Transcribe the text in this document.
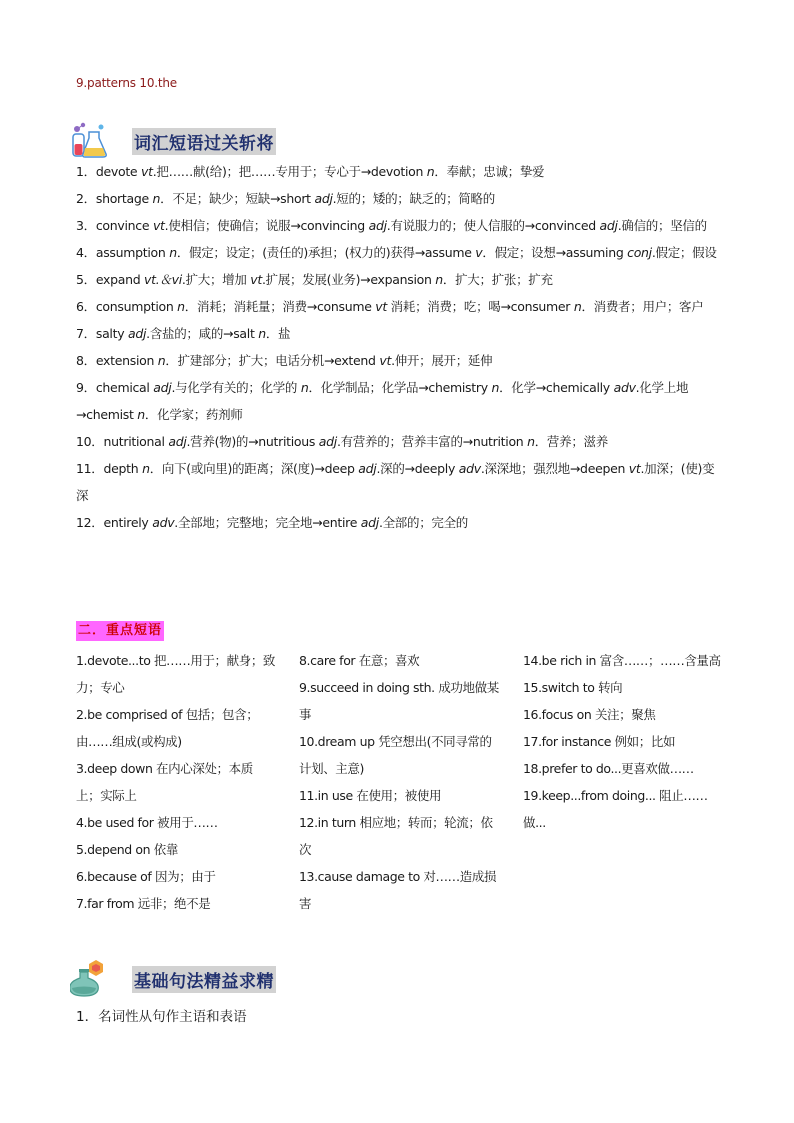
9.patterns 10.the
词汇短语过关斩将

1．devote vt.把……献(给)；把……专用于；专心于→devotion n．奉献；忠诚；挚爱

2．shortage n．不足；缺少；短缺→short adj.短的；矮的；缺乏的；简略的

3．convince vt.使相信；使确信；说服→convincing adj.有说服力的；使人信服的→convinced adj.确信的；坚信的

4．assumption n．假定；设定；(责任的)承担；(权力的)获得→assume v．假定；设想→assuming conj.假定；假设

5．expand vt.＆vi.扩大；增加 vt.扩展；发展(业务)→expansion n．扩大；扩张；扩充

6．consumption n．消耗；消耗量；消费→consume vt 消耗；消费；吃；喝→consumer n．消费者；用户；客户

7．salty adj.含盐的；咸的→salt n．盐

8．extension n．扩建部分；扩大；电话分机→extend vt.伸开；展开；延伸

9．chemical adj.与化学有关的；化学的 n．化学制品；化学品→chemistry n．化学→chemically adv.化学上地→chemist n．化学家；药剂师

10．nutritional adj.营养(物)的→nutritious adj.有营养的；营养丰富的→nutrition n．营养；滋养

11．depth n．向下(或向里)的距离；深(度)→deep adj.深的→deeply adv.深深地；强烈地→deepen vt.加深；(使)变深

12．entirely adv.全部地；完整地；完全地→entire adj.全部的；完全的

二．重点短语

1.devote...to 把……用于；献身；致力；专心

2.be comprised of 包括；包含；由……组成(或构成)

3.deep down 在内心深处；本质上；实际上

4.be used for 被用于……

5.depend on 依靠

6.because of 因为；由于

7.far from 远非；绝不是

8.care for 在意；喜欢

9.succeed in doing sth. 成功地做某事

10.dream up 凭空想出(不同寻常的计划、主意)

11.in use 在使用；被使用

12.in turn 相应地；转而；轮流；依次

13.cause damage to 对……造成损害

14.be rich in 富含……；……含量高

15.switch to 转向

16.focus on 关注；聚焦

17.for instance 例如；比如

18.prefer to do...更喜欢做……

19.keep...from doing... 阻止……做...

基础句法精益求精
1．名词性从句作主语和表语
